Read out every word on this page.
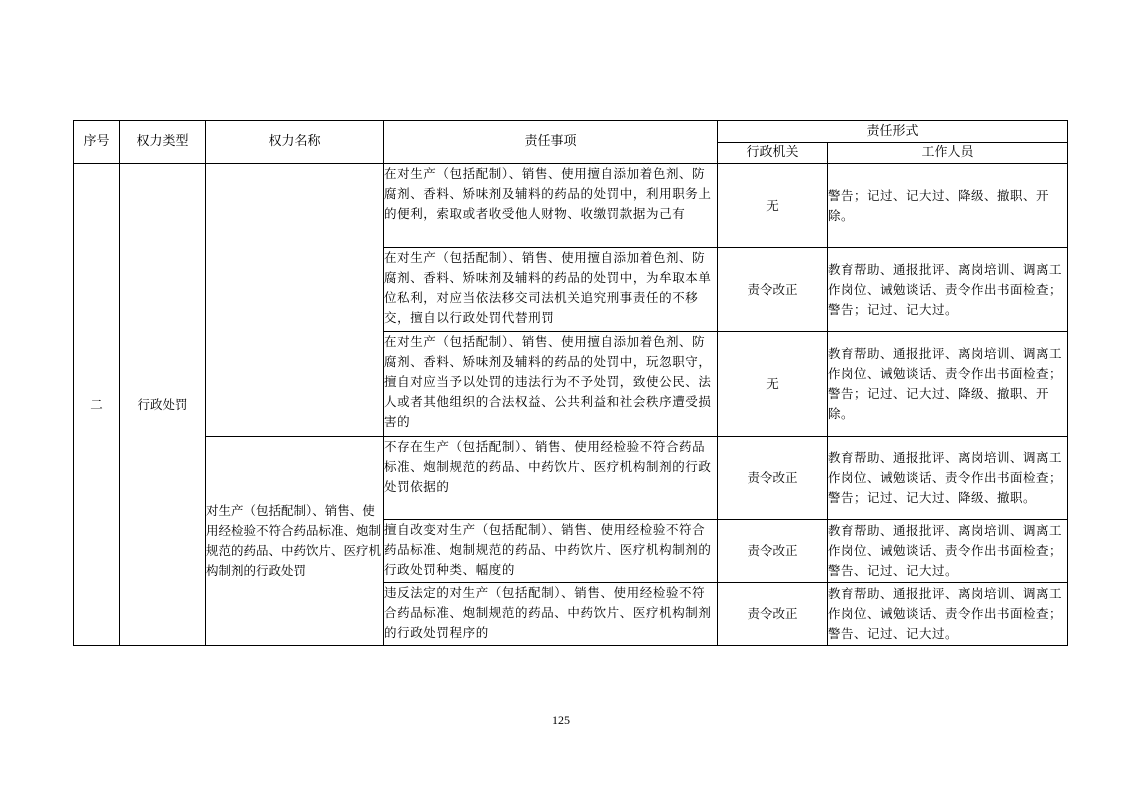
序号	权力类型	权力名称	责任事项	责任形式	
				行政机关	工作人员
二	行政处罚		在对生产（包括配制）、销售、使用擅自添加着色剂、防腐剂、香料、矫味剂及辅料的药品的处罚中，利用职务上的便利，索取或者收受他人财物、收缴罚款据为己有	无	警告；记过、记大过、降级、撤职、开除。
			在对生产（包括配制）、销售、使用擅自添加着色剂、防腐剂、香料、矫味剂及辅料的药品的处罚中，为牟取本单位私利，对应当依法移交司法机关追究刑事责任的不移交，擅自以行政处罚代替刑罚	责令改正	教育帮助、通报批评、离岗培训、调离工作岗位、诫勉谈话、责令作出书面检查；警告；记过、记大过。
			在对生产（包括配制）、销售、使用擅自添加着色剂、防腐剂、香料、矫味剂及辅料的药品的处罚中，玩忽职守，擅自对应当予以处罚的违法行为不予处罚，致使公民、法人或者其他组织的合法权益、公共利益和社会秩序遭受损害的	无	教育帮助、通报批评、离岗培训、调离工作岗位、诫勉谈话、责令作出书面检查；警告；记过、记大过、降级、撤职、开除。
		对生产（包括配制）、销售、使用经检验不符合药品标准、炮制规范的药品、中药饮片、医疗机构制剂的行政处罚	不存在生产（包括配制）、销售、使用经检验不符合药品标准、炮制规范的药品、中药饮片、医疗机构制剂的行政处罚依据的	责令改正	教育帮助、通报批评、离岗培训、调离工作岗位、诫勉谈话、责令作出书面检查；警告；记过、记大过、降级、撤职。
			擅自改变对生产（包括配制）、销售、使用经检验不符合药品标准、炮制规范的药品、中药饮片、医疗机构制剂的行政处罚种类、幅度的	责令改正	教育帮助、通报批评、离岗培训、调离工作岗位、诫勉谈话、责令作出书面检查；警告、记过、记大过。
			违反法定的对生产（包括配制）、销售、使用经检验不符合药品标准、炮制规范的药品、中药饮片、医疗机构制剂的行政处罚程序的	责令改正	教育帮助、通报批评、离岗培训、调离工作岗位、诫勉谈话、责令作出书面检查；警告、记过、记大过。
125
